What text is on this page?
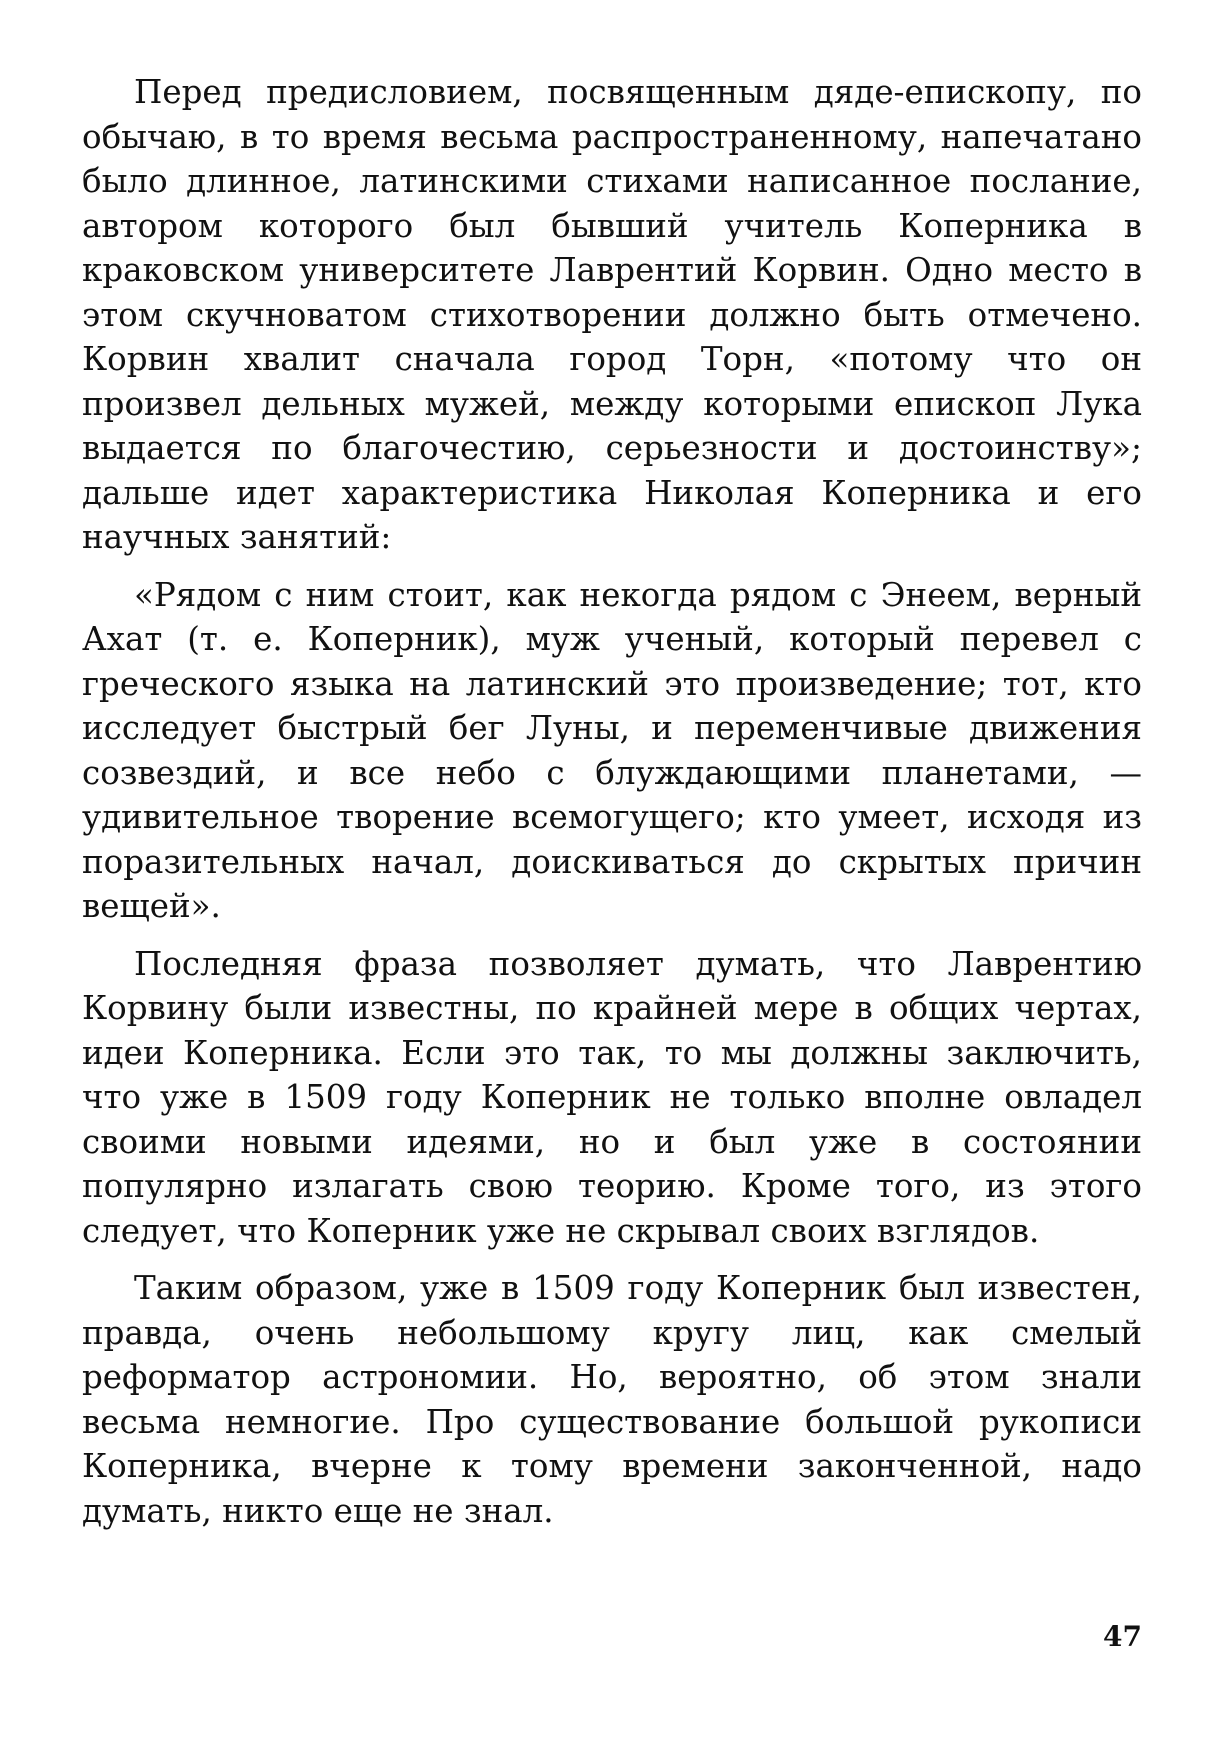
Перед предисловием, посвященным дяде-епископу, по обычаю, в то время весьма распространенному, напечатано было длинное, латинскими стихами написанное послание, автором которого был бывший учитель Коперника в краковском университете Лаврентий Корвин. Одно место в этом скучноватом стихотворении должно быть отмечено. Корвин хвалит сначала город Торн, «потому что он произвел дельных мужей, между которыми епископ Лука выдается по благочестию, серьезности и достоинству»; дальше идет характеристика Николая Коперника и его научных занятий:

«Рядом с ним стоит, как некогда рядом с Энеем, верный Ахат (т. е. Коперник), муж ученый, который перевел с греческого языка на латинский это произведение; тот, кто исследует быстрый бег Луны, и переменчивые движения созвездий, и все небо с блуждающими планетами, — удивительное творение всемогущего; кто умеет, исходя из поразительных начал, доискиваться до скрытых причин вещей».

Последняя фраза позволяет думать, что Лаврентию Корвину были известны, по крайней мере в общих чертах, идеи Коперника. Если это так, то мы должны заключить, что уже в 1509 году Коперник не только вполне овладел своими новыми идеями, но и был уже в состоянии популярно излагать свою теорию. Кроме того, из этого следует, что Коперник уже не скрывал своих взглядов.

Таким образом, уже в 1509 году Коперник был известен, правда, очень небольшому кругу лиц, как смелый реформатор астрономии. Но, вероятно, об этом знали весьма немногие. Про существование большой рукописи Коперника, вчерне к тому времени законченной, надо думать, никто еще не знал.

47
